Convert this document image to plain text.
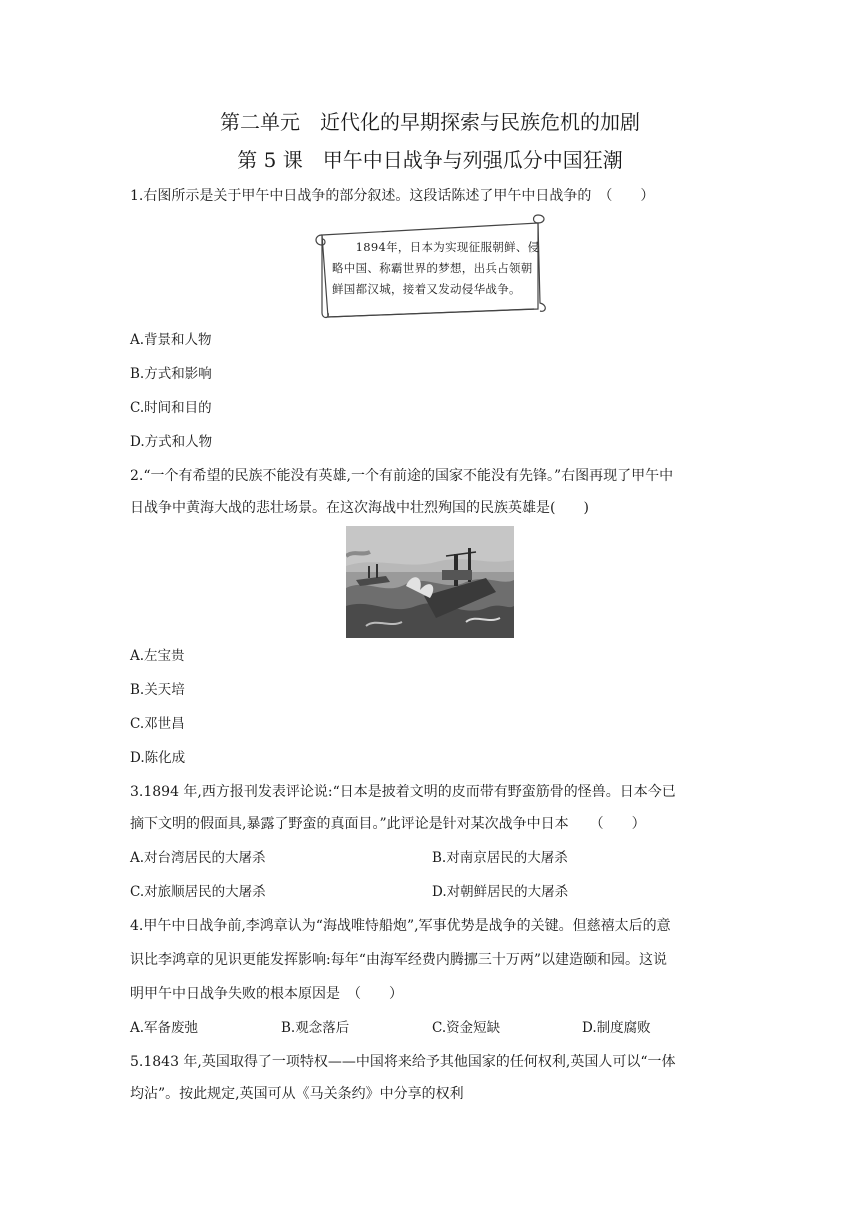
第二单元　近代化的早期探索与民族危机的加剧
第 5 课　甲午中日战争与列强瓜分中国狂潮
1.右图所示是关于甲午中日战争的部分叙述。这段话陈述了甲午中日战争的　（　　）
　　1894年，日本为实现征服朝鲜、侵
略中国、称霸世界的梦想，出兵占领朝
鲜国都汉城，接着又发动侵华战争。
A.背景和人物
B.方式和影响
C.时间和目的
D.方式和人物
2.“一个有希望的民族不能没有英雄,一个有前途的国家不能没有先锋。”右图再现了甲午中
日战争中黄海大战的悲壮场景。在这次海战中壮烈殉国的民族英雄是(　　)
A.左宝贵
B.关天培
C.邓世昌
D.陈化成
3.1894 年,西方报刊发表评论说:“日本是披着文明的皮而带有野蛮筋骨的怪兽。日本今已
摘下文明的假面具,暴露了野蛮的真面目。”此评论是针对某次战争中日本　　（　　）
A.对台湾居民的大屠杀	B.对南京居民的大屠杀
C.对旅顺居民的大屠杀	D.对朝鲜居民的大屠杀
4.甲午中日战争前,李鸿章认为“海战唯恃船炮”,军事优势是战争的关键。但慈禧太后的意
识比李鸿章的见识更能发挥影响:每年“由海军经费内腾挪三十万两”以建造颐和园。这说
明甲午中日战争失败的根本原因是　（　　）
A.军备废弛	B.观念落后	C.资金短缺	D.制度腐败
5.1843 年,英国取得了一项特权——中国将来给予其他国家的任何权利,英国人可以“一体
均沾”。按此规定,英国可从《马关条约》中分享的权利
